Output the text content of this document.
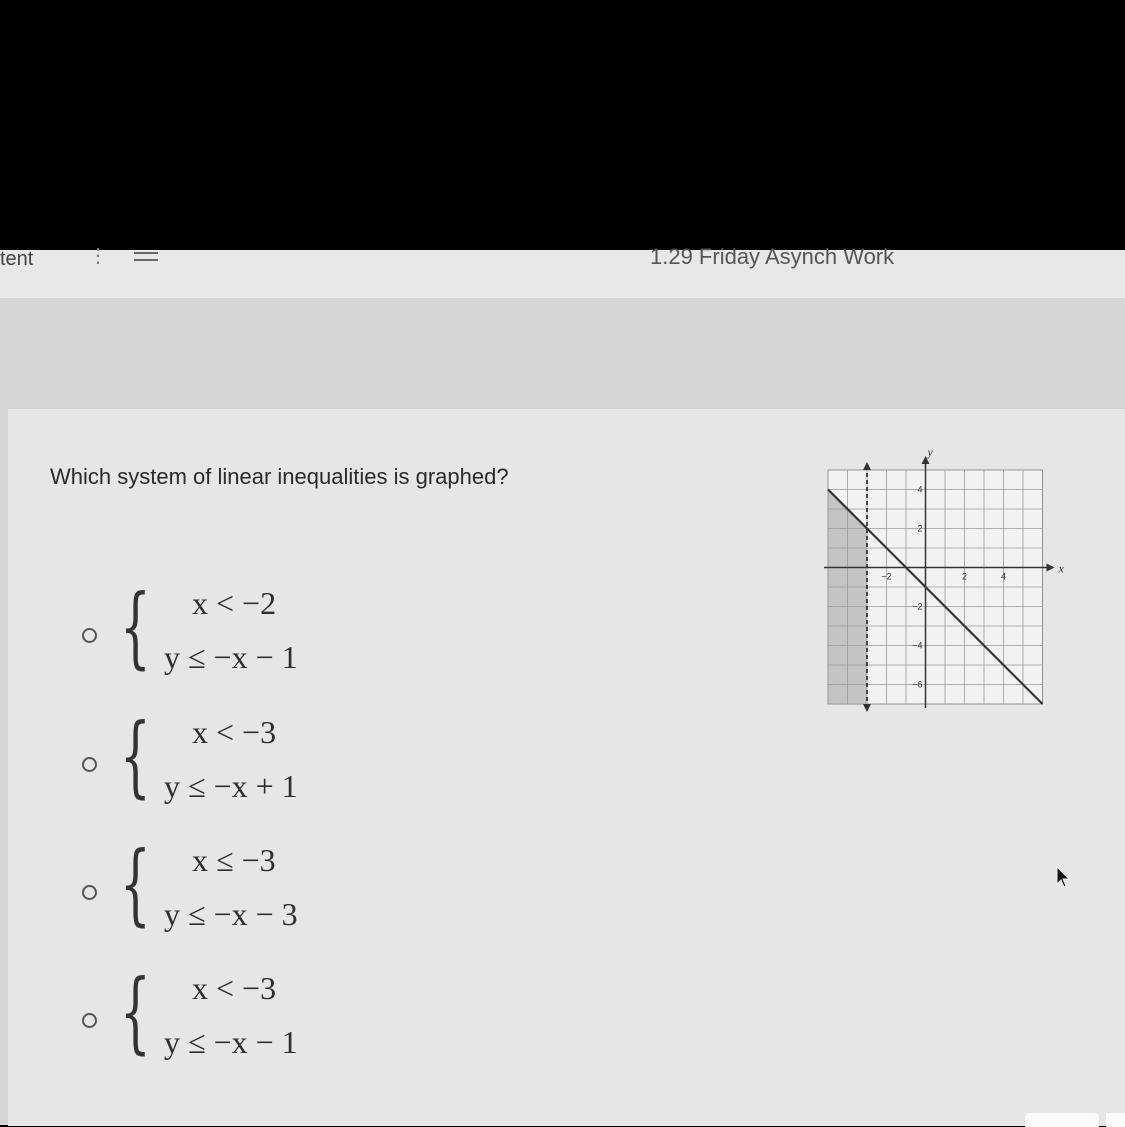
tent	⋮	1.29 Friday Asynch Work
Which system of linear inequalities is graphed?
{ x < −2
y ≤ −x − 1
{ x < −3
y ≤ −x + 1
{ x ≤ −3
y ≤ −x − 3
{ x < −3
y ≤ −x − 1
x
y
−2	2	4
4
2
−2
−4
−6
